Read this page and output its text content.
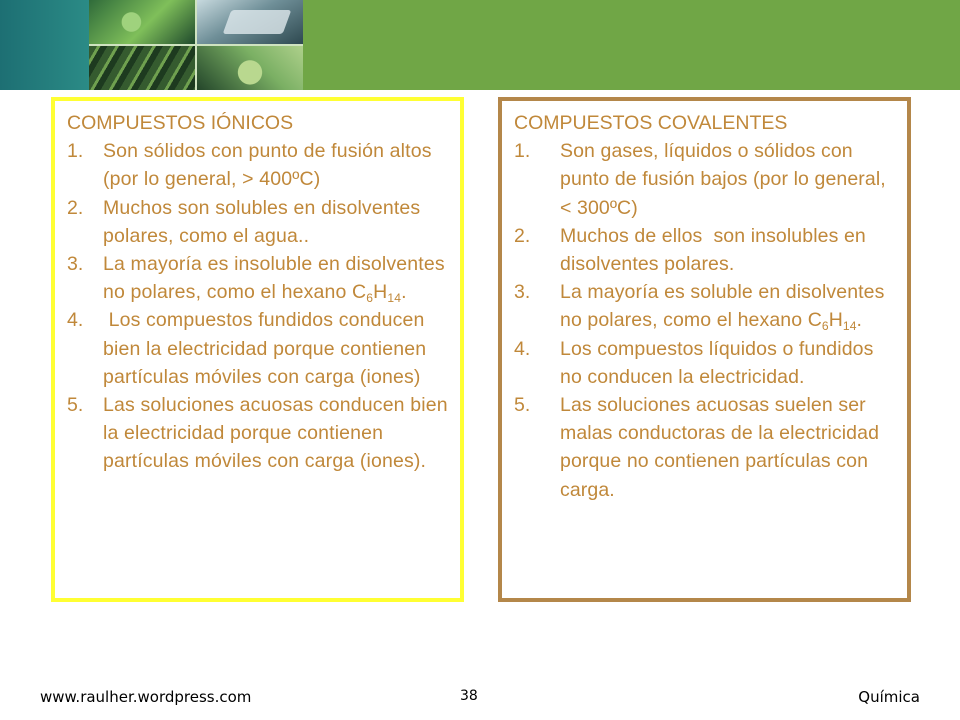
COMPUESTOS IÓNICOS
1.	Son sólidos con punto de fusión altos (por lo general, > 400ºC)
2.	Muchos son solubles en disolventes polares, como el agua..
3.	La mayoría es insoluble en disolventes no polares, como el hexano $C_6H_{14}$.
4.	Los compuestos fundidos conducen bien la electricidad porque contienen partículas móviles con carga (iones)
5.	Las soluciones acuosas conducen bien la electricidad porque contienen partículas móviles con carga (iones).
COMPUESTOS COVALENTES
1.	Son gases, líquidos o sólidos con punto de fusión bajos (por lo general,  < 300ºC)
2.	Muchos de ellos  son insolubles en disolventes polares.
3.	La mayoría es soluble en disolventes no polares, como el hexano $C_6H_{14}$.
4.	Los compuestos líquidos o fundidos no conducen la electricidad.
5.	Las soluciones acuosas suelen ser malas conductoras de la electricidad porque no contienen partículas con carga.
www.raulher.wordpress.com	38	Química
